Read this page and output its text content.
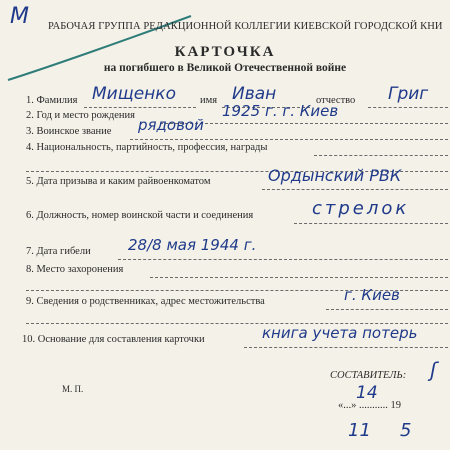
М РАБОЧАЯ ГРУППА РЕДАКЦИОННОЙ КОЛЛЕГИИ КИЕВСКОЙ ГОРОДСКОЙ КНИ
КАРТОЧКА
на погибшего в Великой Отечественной войне
1. Фамилия Мищенко имя Иван	отчество Григ
2. Год и место рождения	1925 г. г. Киев
3. Воинское звание рядовой
4. Национальность, партийность, профессия, награды
5. Дата призыва и каким райвоенкоматом	Ордынский РВК
6. Должность, номер воинской части и соединения	стрелок
7. Дата гибели 28/8 мая 1944 г.
8. Место захоронения
9. Сведения о родственниках, адрес местожительства	г. Киев
10. Основание для составления карточки	книга учета потерь
М. П.
СОСТАВИТЕЛЬ: ʃ
«...» ........... 19
14
11 5
